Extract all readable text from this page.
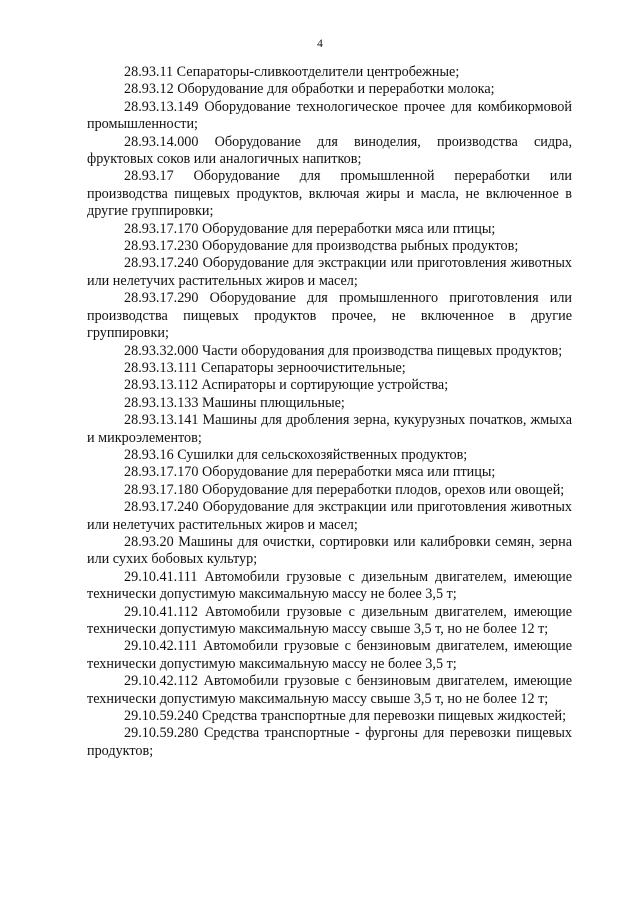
4

28.93.11 Сепараторы-сливкоотделители центробежные;

28.93.12 Оборудование для обработки и переработки молока;

28.93.13.149 Оборудование технологическое прочее для комбикормовой промышленности;

28.93.14.000 Оборудование для виноделия, производства сидра, фруктовых соков или аналогичных напитков;

28.93.17 Оборудование для промышленной переработки или производства пищевых продуктов, включая жиры и масла, не включенное в другие группировки;

28.93.17.170 Оборудование для переработки мяса или птицы;

28.93.17.230 Оборудование для производства рыбных продуктов;

28.93.17.240 Оборудование для экстракции или приготовления животных или нелетучих растительных жиров и масел;

28.93.17.290 Оборудование для промышленного приготовления или производства пищевых продуктов прочее, не включенное в другие группировки;

28.93.32.000 Части оборудования для производства пищевых продуктов;

28.93.13.111 Сепараторы зерноочистительные;

28.93.13.112 Аспираторы и сортирующие устройства;

28.93.13.133 Машины плющильные;

28.93.13.141 Машины для дробления зерна, кукурузных початков, жмыха и микроэлементов;

28.93.16 Сушилки для сельскохозяйственных продуктов;

28.93.17.170 Оборудование для переработки мяса или птицы;

28.93.17.180 Оборудование для переработки плодов, орехов или овощей;

28.93.17.240 Оборудование для экстракции или приготовления животных или нелетучих растительных жиров и масел;

28.93.20 Машины для очистки, сортировки или калибровки семян, зерна или сухих бобовых культур;

29.10.41.111 Автомобили грузовые с дизельным двигателем, имеющие технически допустимую максимальную массу не более 3,5 т;

29.10.41.112 Автомобили грузовые с дизельным двигателем, имеющие технически допустимую максимальную массу свыше 3,5 т, но не более 12 т;

29.10.42.111 Автомобили грузовые с бензиновым двигателем, имеющие технически допустимую максимальную массу не более 3,5 т;

29.10.42.112 Автомобили грузовые с бензиновым двигателем, имеющие технически допустимую максимальную массу свыше 3,5 т, но не более 12 т;

29.10.59.240 Средства транспортные для перевозки пищевых жидкостей;

29.10.59.280 Средства транспортные - фургоны для перевозки пищевых продуктов;
